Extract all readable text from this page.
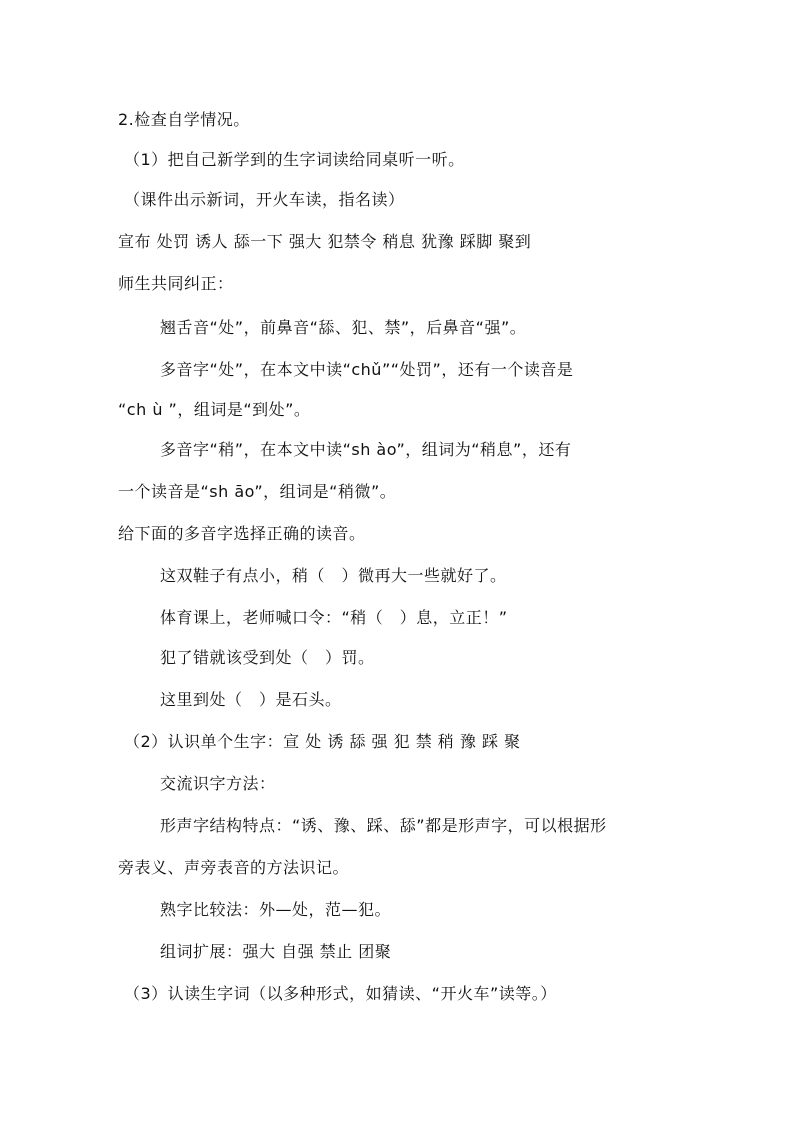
2.检查自学情况。
（1）把自己新学到的生字词读给同桌听一听。
（课件出示新词，开火车读，指名读）
宣布 处罚 诱人 舔一下 强大 犯禁令 稍息 犹豫 踩脚 聚到
师生共同纠正：
翘舌音“处”，前鼻音“舔、犯、禁”，后鼻音“强”。
多音字“处”，在本文中读“chǔ”“处罚”，还有一个读音是
“ch ù ”，组词是“到处”。
多音字“稍”，在本文中读“sh ào”，组词为“稍息”，还有
一个读音是“sh āo”，组词是“稍微”。
给下面的多音字选择正确的读音。
这双鞋子有点小，稍（　）微再大一些就好了。
体育课上，老师喊口令：“稍（　）息，立正！”
犯了错就该受到处（　）罚。
这里到处（　）是石头。
（2）认识单个生字：宣 处 诱 舔 强 犯 禁 稍 豫 踩 聚
交流识字方法：
形声字结构特点：“诱、豫、踩、舔”都是形声字，可以根据形
旁表义、声旁表音的方法识记。
熟字比较法：外—处，范—犯。
组词扩展：强大 自强 禁止 团聚
（3）认读生字词（以多种形式，如猜读、“开火车”读等。）
